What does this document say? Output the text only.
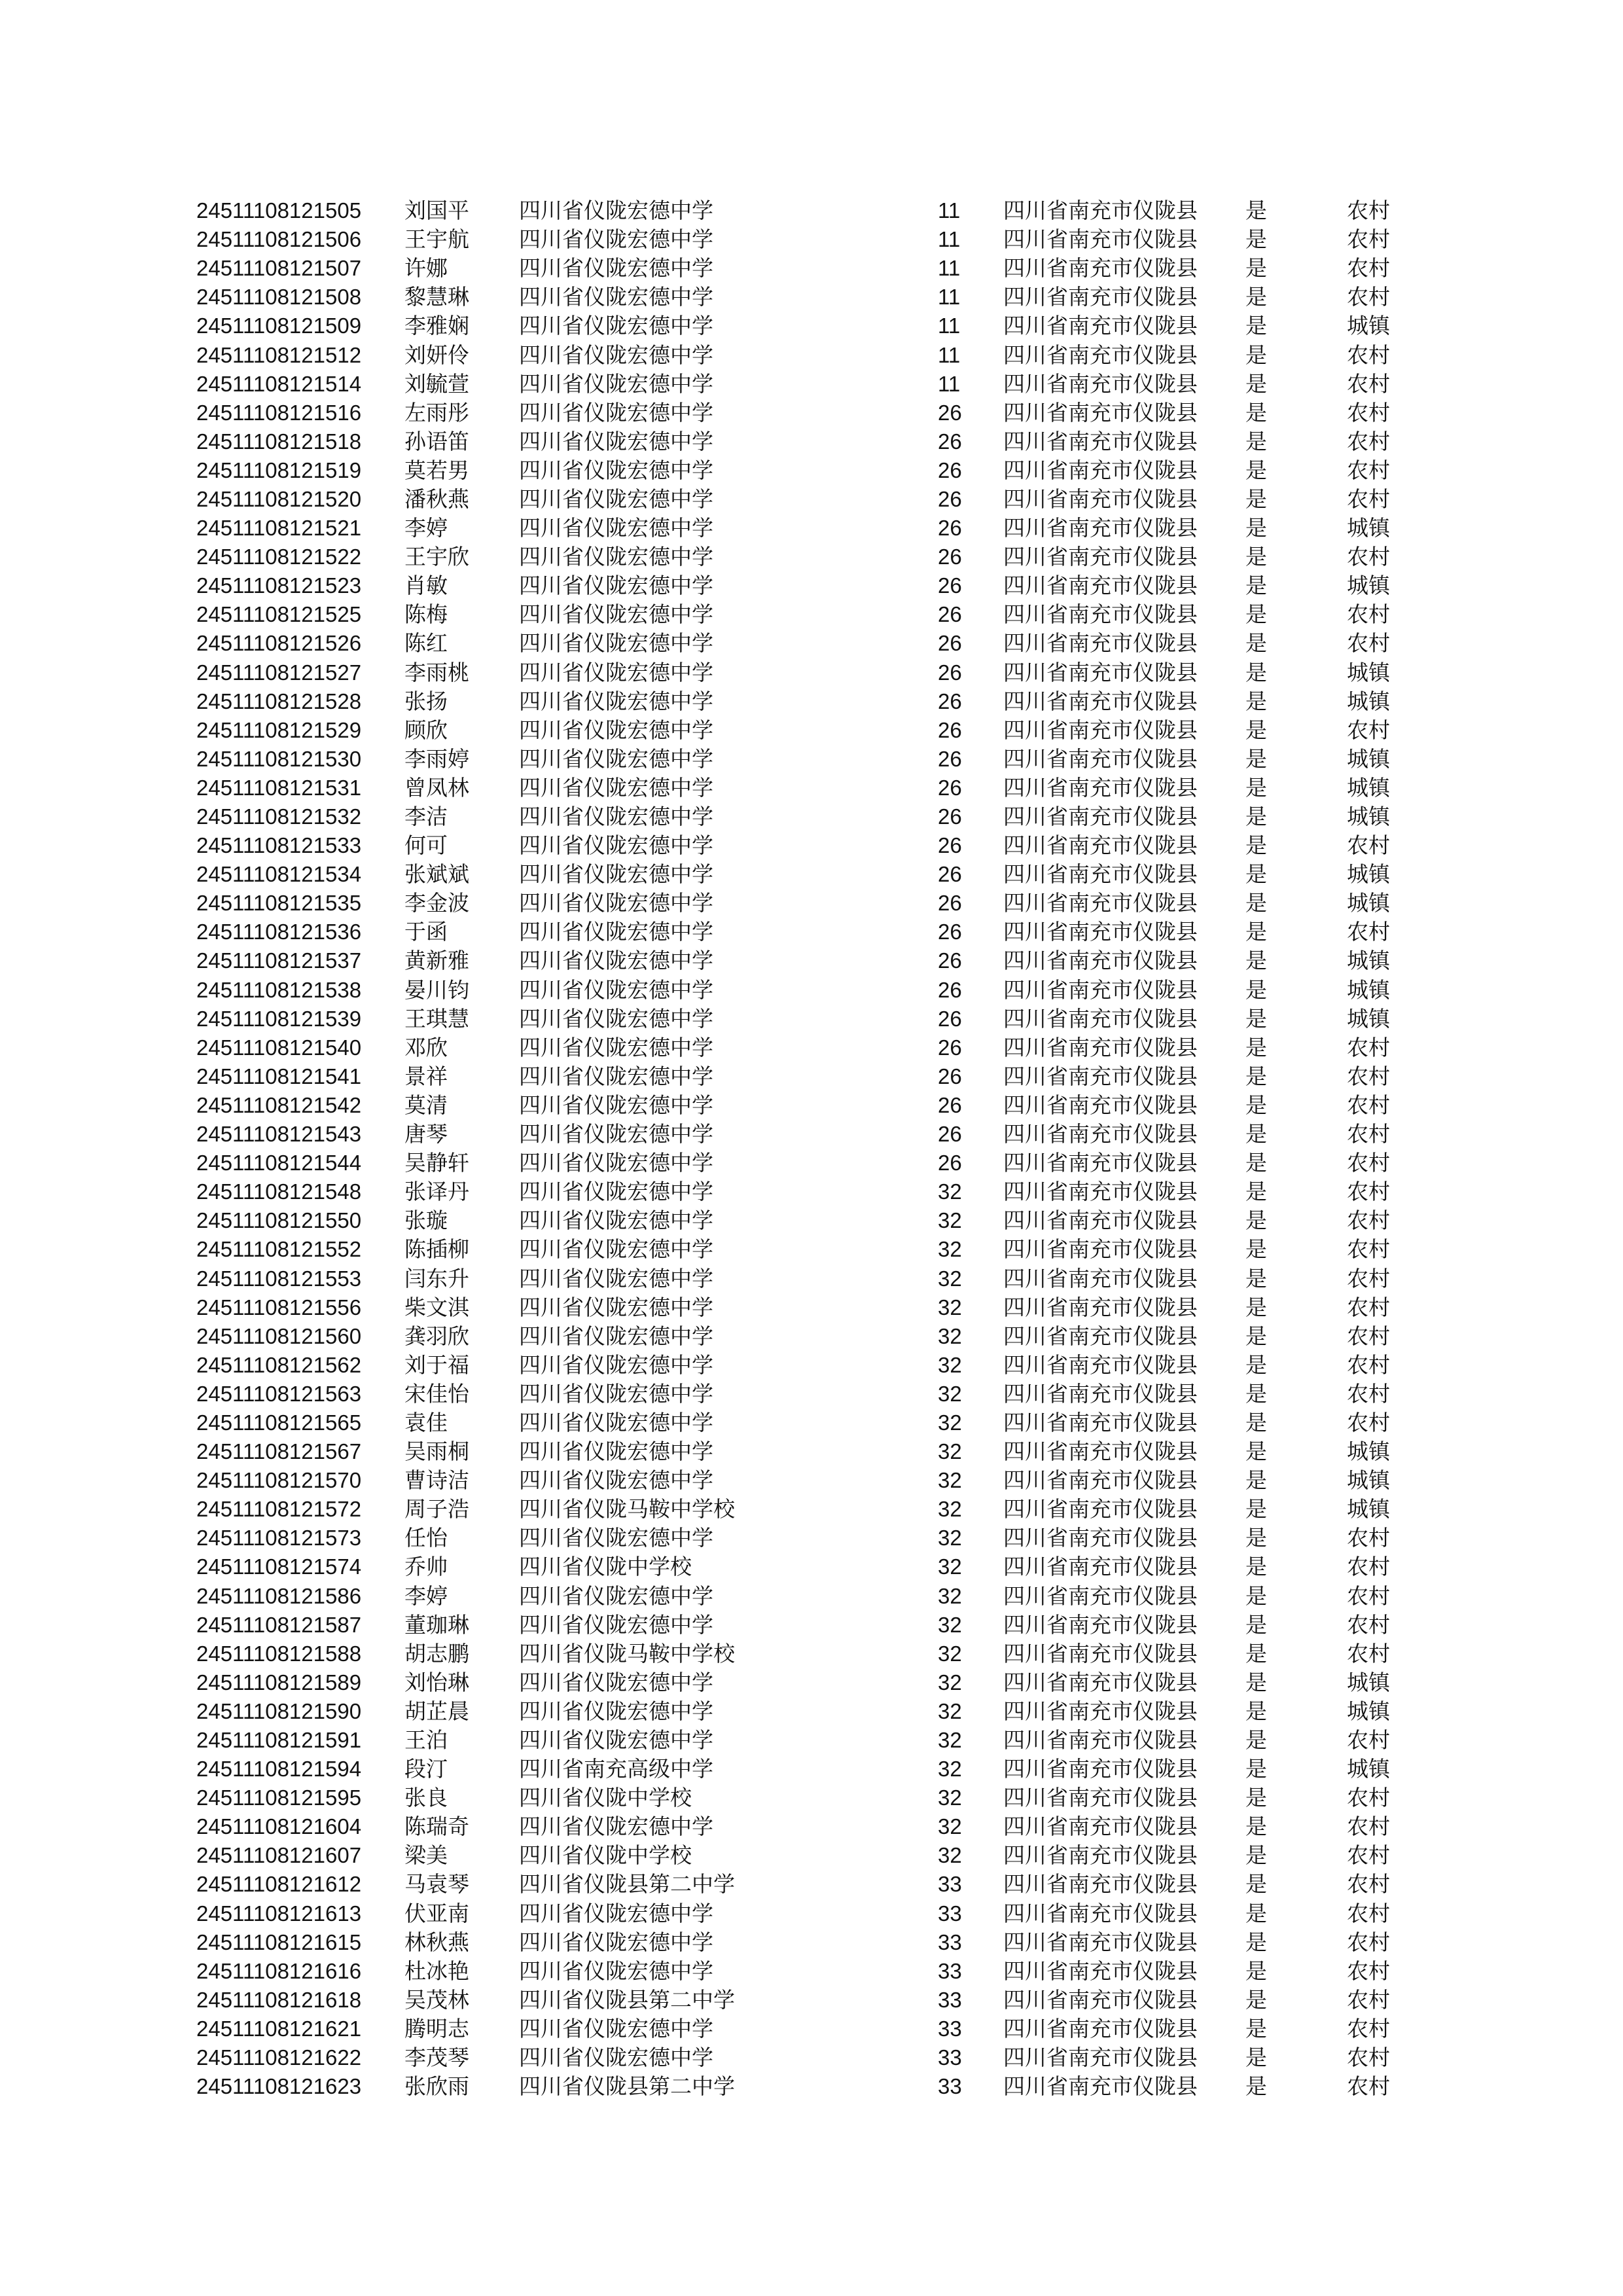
24511108121505	刘国平	四川省仪陇宏德中学	11	四川省南充市仪陇县	是	农村
24511108121506	王宇航	四川省仪陇宏德中学	11	四川省南充市仪陇县	是	农村
24511108121507	许娜	四川省仪陇宏德中学	11	四川省南充市仪陇县	是	农村
24511108121508	黎慧琳	四川省仪陇宏德中学	11	四川省南充市仪陇县	是	农村
24511108121509	李雅娴	四川省仪陇宏德中学	11	四川省南充市仪陇县	是	城镇
24511108121512	刘妍伶	四川省仪陇宏德中学	11	四川省南充市仪陇县	是	农村
24511108121514	刘毓萱	四川省仪陇宏德中学	11	四川省南充市仪陇县	是	农村
24511108121516	左雨彤	四川省仪陇宏德中学	26	四川省南充市仪陇县	是	农村
24511108121518	孙语笛	四川省仪陇宏德中学	26	四川省南充市仪陇县	是	农村
24511108121519	莫若男	四川省仪陇宏德中学	26	四川省南充市仪陇县	是	农村
24511108121520	潘秋燕	四川省仪陇宏德中学	26	四川省南充市仪陇县	是	农村
24511108121521	李婷	四川省仪陇宏德中学	26	四川省南充市仪陇县	是	城镇
24511108121522	王宇欣	四川省仪陇宏德中学	26	四川省南充市仪陇县	是	农村
24511108121523	肖敏	四川省仪陇宏德中学	26	四川省南充市仪陇县	是	城镇
24511108121525	陈梅	四川省仪陇宏德中学	26	四川省南充市仪陇县	是	农村
24511108121526	陈红	四川省仪陇宏德中学	26	四川省南充市仪陇县	是	农村
24511108121527	李雨桃	四川省仪陇宏德中学	26	四川省南充市仪陇县	是	城镇
24511108121528	张扬	四川省仪陇宏德中学	26	四川省南充市仪陇县	是	城镇
24511108121529	顾欣	四川省仪陇宏德中学	26	四川省南充市仪陇县	是	农村
24511108121530	李雨婷	四川省仪陇宏德中学	26	四川省南充市仪陇县	是	城镇
24511108121531	曾凤林	四川省仪陇宏德中学	26	四川省南充市仪陇县	是	城镇
24511108121532	李洁	四川省仪陇宏德中学	26	四川省南充市仪陇县	是	城镇
24511108121533	何可	四川省仪陇宏德中学	26	四川省南充市仪陇县	是	农村
24511108121534	张斌斌	四川省仪陇宏德中学	26	四川省南充市仪陇县	是	城镇
24511108121535	李金波	四川省仪陇宏德中学	26	四川省南充市仪陇县	是	城镇
24511108121536	于函	四川省仪陇宏德中学	26	四川省南充市仪陇县	是	农村
24511108121537	黄新雅	四川省仪陇宏德中学	26	四川省南充市仪陇县	是	城镇
24511108121538	晏川钧	四川省仪陇宏德中学	26	四川省南充市仪陇县	是	城镇
24511108121539	王琪慧	四川省仪陇宏德中学	26	四川省南充市仪陇县	是	城镇
24511108121540	邓欣	四川省仪陇宏德中学	26	四川省南充市仪陇县	是	农村
24511108121541	景祥	四川省仪陇宏德中学	26	四川省南充市仪陇县	是	农村
24511108121542	莫清	四川省仪陇宏德中学	26	四川省南充市仪陇县	是	农村
24511108121543	唐琴	四川省仪陇宏德中学	26	四川省南充市仪陇县	是	农村
24511108121544	吴静轩	四川省仪陇宏德中学	26	四川省南充市仪陇县	是	农村
24511108121548	张译丹	四川省仪陇宏德中学	32	四川省南充市仪陇县	是	农村
24511108121550	张璇	四川省仪陇宏德中学	32	四川省南充市仪陇县	是	农村
24511108121552	陈插柳	四川省仪陇宏德中学	32	四川省南充市仪陇县	是	农村
24511108121553	闫东升	四川省仪陇宏德中学	32	四川省南充市仪陇县	是	农村
24511108121556	柴文淇	四川省仪陇宏德中学	32	四川省南充市仪陇县	是	农村
24511108121560	龚羽欣	四川省仪陇宏德中学	32	四川省南充市仪陇县	是	农村
24511108121562	刘于福	四川省仪陇宏德中学	32	四川省南充市仪陇县	是	农村
24511108121563	宋佳怡	四川省仪陇宏德中学	32	四川省南充市仪陇县	是	农村
24511108121565	袁佳	四川省仪陇宏德中学	32	四川省南充市仪陇县	是	农村
24511108121567	吴雨桐	四川省仪陇宏德中学	32	四川省南充市仪陇县	是	城镇
24511108121570	曹诗洁	四川省仪陇宏德中学	32	四川省南充市仪陇县	是	城镇
24511108121572	周子浩	四川省仪陇马鞍中学校	32	四川省南充市仪陇县	是	城镇
24511108121573	任怡	四川省仪陇宏德中学	32	四川省南充市仪陇县	是	农村
24511108121574	乔帅	四川省仪陇中学校	32	四川省南充市仪陇县	是	农村
24511108121586	李婷	四川省仪陇宏德中学	32	四川省南充市仪陇县	是	农村
24511108121587	董珈琳	四川省仪陇宏德中学	32	四川省南充市仪陇县	是	农村
24511108121588	胡志鹏	四川省仪陇马鞍中学校	32	四川省南充市仪陇县	是	农村
24511108121589	刘怡琳	四川省仪陇宏德中学	32	四川省南充市仪陇县	是	城镇
24511108121590	胡芷晨	四川省仪陇宏德中学	32	四川省南充市仪陇县	是	城镇
24511108121591	王泊	四川省仪陇宏德中学	32	四川省南充市仪陇县	是	农村
24511108121594	段汀	四川省南充高级中学	32	四川省南充市仪陇县	是	城镇
24511108121595	张良	四川省仪陇中学校	32	四川省南充市仪陇县	是	农村
24511108121604	陈瑞奇	四川省仪陇宏德中学	32	四川省南充市仪陇县	是	农村
24511108121607	梁美	四川省仪陇中学校	32	四川省南充市仪陇县	是	农村
24511108121612	马袁琴	四川省仪陇县第二中学	33	四川省南充市仪陇县	是	农村
24511108121613	伏亚南	四川省仪陇宏德中学	33	四川省南充市仪陇县	是	农村
24511108121615	林秋燕	四川省仪陇宏德中学	33	四川省南充市仪陇县	是	农村
24511108121616	杜冰艳	四川省仪陇宏德中学	33	四川省南充市仪陇县	是	农村
24511108121618	吴茂林	四川省仪陇县第二中学	33	四川省南充市仪陇县	是	农村
24511108121621	腾明志	四川省仪陇宏德中学	33	四川省南充市仪陇县	是	农村
24511108121622	李茂琴	四川省仪陇宏德中学	33	四川省南充市仪陇县	是	农村
24511108121623	张欣雨	四川省仪陇县第二中学	33	四川省南充市仪陇县	是	农村
